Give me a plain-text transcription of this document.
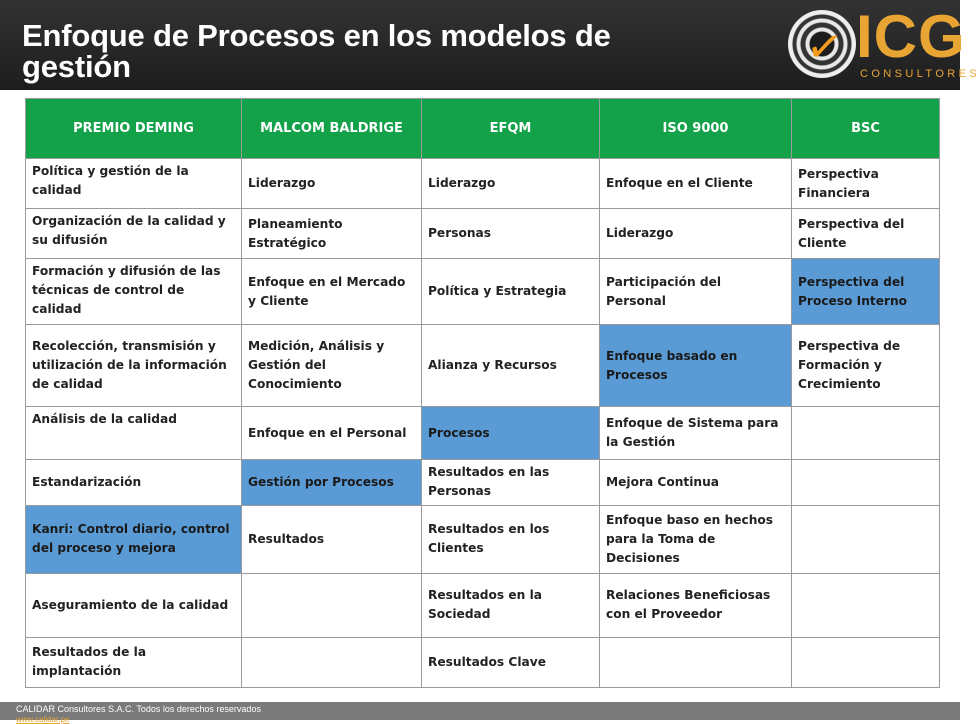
Enfoque de Procesos en los modelos de gestión	✓ ICG
CONSULTORES
PREMIO DEMING	MALCOM BALDRIGE	EFQM	ISO 9000	BSC
Política y gestión de la calidad	Liderazgo	Liderazgo	Enfoque en el Cliente	Perspectiva Financiera
Organización de la calidad y su difusión	Planeamiento Estratégico	Personas	Liderazgo	Perspectiva del Cliente
Formación y difusión de las técnicas de control de calidad	Enfoque en el Mercado y Cliente	Política y Estrategia	Participación del Personal	Perspectiva del Proceso Interno
Recolección, transmisión y utilización de la información de calidad	Medición, Análisis y Gestión del Conocimiento	Alianza y Recursos	Enfoque basado en Procesos	Perspectiva de Formación y Crecimiento
Análisis de la calidad	Enfoque en el Personal	Procesos	Enfoque de Sistema para la Gestión	
Estandarización	Gestión por Procesos	Resultados en las Personas	Mejora Continua	
Kanri: Control diario, control del proceso y mejora	Resultados	Resultados en los Clientes	Enfoque baso en hechos para la Toma de Decisiones	
Aseguramiento de la calidad		Resultados en la Sociedad	Relaciones Beneficiosas con el Proveedor	
Resultados de la implantación		Resultados Clave		
CALIDAR Consultores S.A.C. Todos los derechos reservados
www.calidar.pe
